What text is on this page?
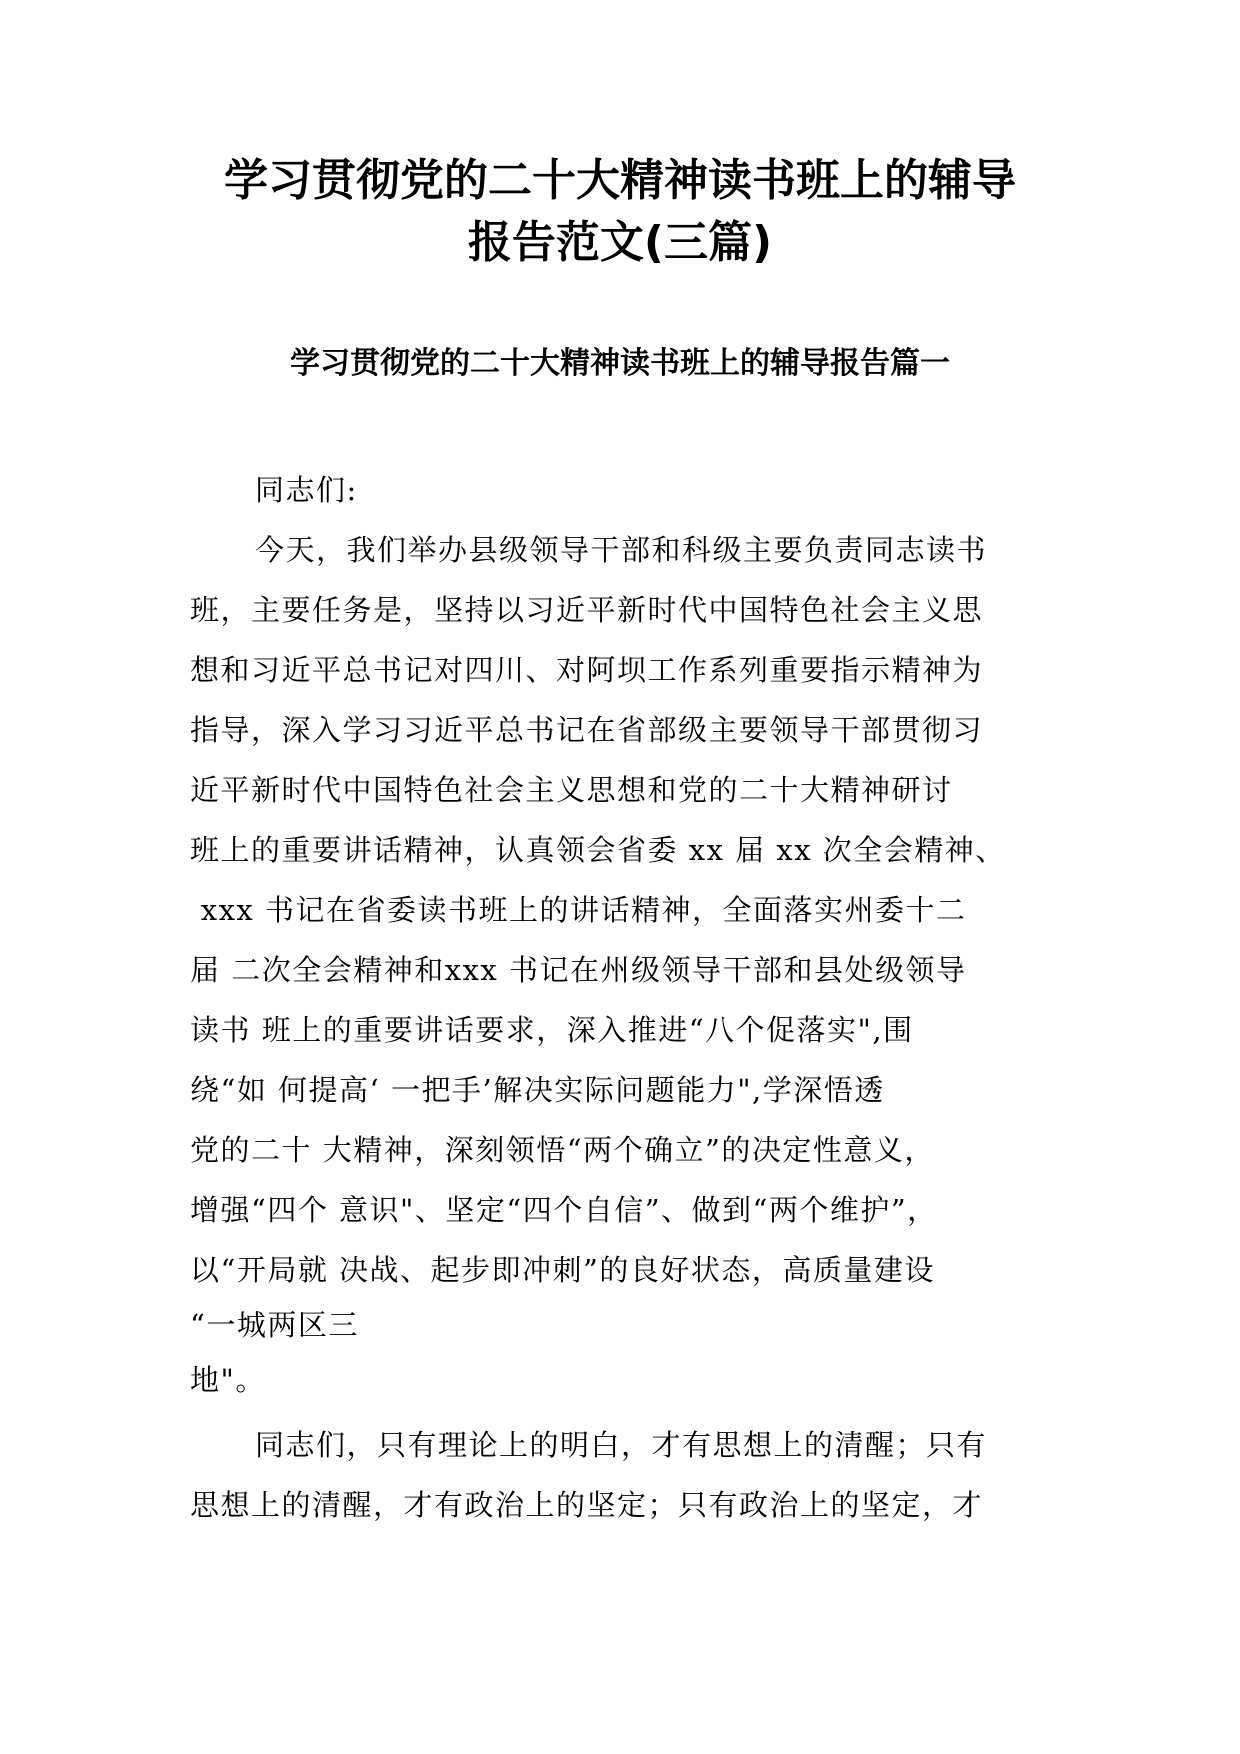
学习贯彻党的二十大精神读书班上的辅导
报告范文(三篇)
学习贯彻党的二十大精神读书班上的辅导报告篇一
同志们:
今天，我们举办县级领导干部和科级主要负责同志读书
班，主要任务是，坚持以习近平新时代中国特色社会主义思
想和习近平总书记对四川、对阿坝工作系列重要指示精神为
指导，深入学习习近平总书记在省部级主要领导干部贯彻习
近平新时代中国特色社会主义思想和党的二十大精神研讨
班上的重要讲话精神，认真领会省委 xx 届 xx 次全会精神、
xxx 书记在省委读书班上的讲话精神，全面落实州委十二
届 二次全会精神和xxx 书记在州级领导干部和县处级领导
读书 班上的重要讲话要求，深入推进“八个促落实",围
绕“如 何提高‘ 一把手’解决实际问题能力",学深悟透
党的二十 大精神，深刻领悟“两个确立”的决定性意义，
增强“四个 意识"、坚定“四个自信”、做到“两个维护”，
以“开局就 决战、起步即冲刺”的良好状态，高质量建设
“一城两区三
地"。
同志们，只有理论上的明白，才有思想上的清醒；只有
思想上的清醒，才有政治上的坚定；只有政治上的坚定，才
